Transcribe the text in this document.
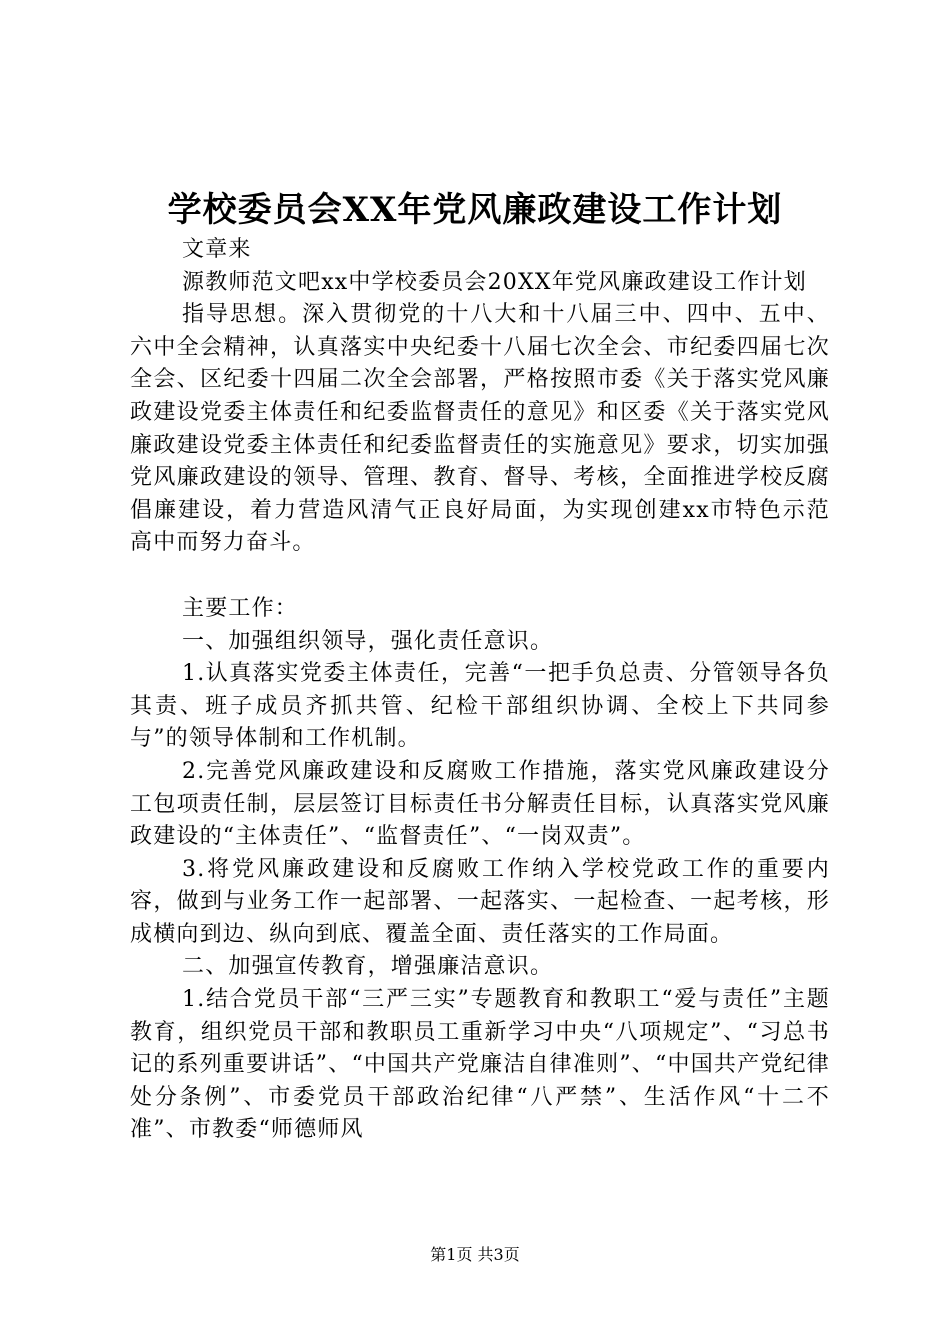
学校委员会XX年党风廉政建设工作计划

文章来

源教师范文吧xx中学校委员会20XX年党风廉政建设工作计划

指导思想。深入贯彻党的十八大和十八届三中、四中、五中、六中全会精神，认真落实中央纪委十八届七次全会、市纪委四届七次全会、区纪委十四届二次全会部署，严格按照市委《关于落实党风廉政建设党委主体责任和纪委监督责任的意见》和区委《关于落实党风廉政建设党委主体责任和纪委监督责任的实施意见》要求，切实加强党风廉政建设的领导、管理、教育、督导、考核，全面推进学校反腐倡廉建设，着力营造风清气正良好局面，为实现创建xx市特色示范高中而努力奋斗。

主要工作：

一、加强组织领导，强化责任意识。

1.认真落实党委主体责任，完善“一把手负总责、分管领导各负其责、班子成员齐抓共管、纪检干部组织协调、全校上下共同参与”的领导体制和工作机制。

2.完善党风廉政建设和反腐败工作措施，落实党风廉政建设分工包项责任制，层层签订目标责任书分解责任目标，认真落实党风廉政建设的“主体责任”、“监督责任”、“一岗双责”。

3.将党风廉政建设和反腐败工作纳入学校党政工作的重要内容，做到与业务工作一起部署、一起落实、一起检查、一起考核，形成横向到边、纵向到底、覆盖全面、责任落实的工作局面。

二、加强宣传教育，增强廉洁意识。

1.结合党员干部“三严三实”专题教育和教职工“爱与责任”主题教育，组织党员干部和教职员工重新学习中央“八项规定”、“习总书记的系列重要讲话”、“中国共产党廉洁自律准则”、“中国共产党纪律处分条例”、市委党员干部政治纪律“八严禁”、生活作风“十二不准”、市教委“师德师风

第1页 共3页
